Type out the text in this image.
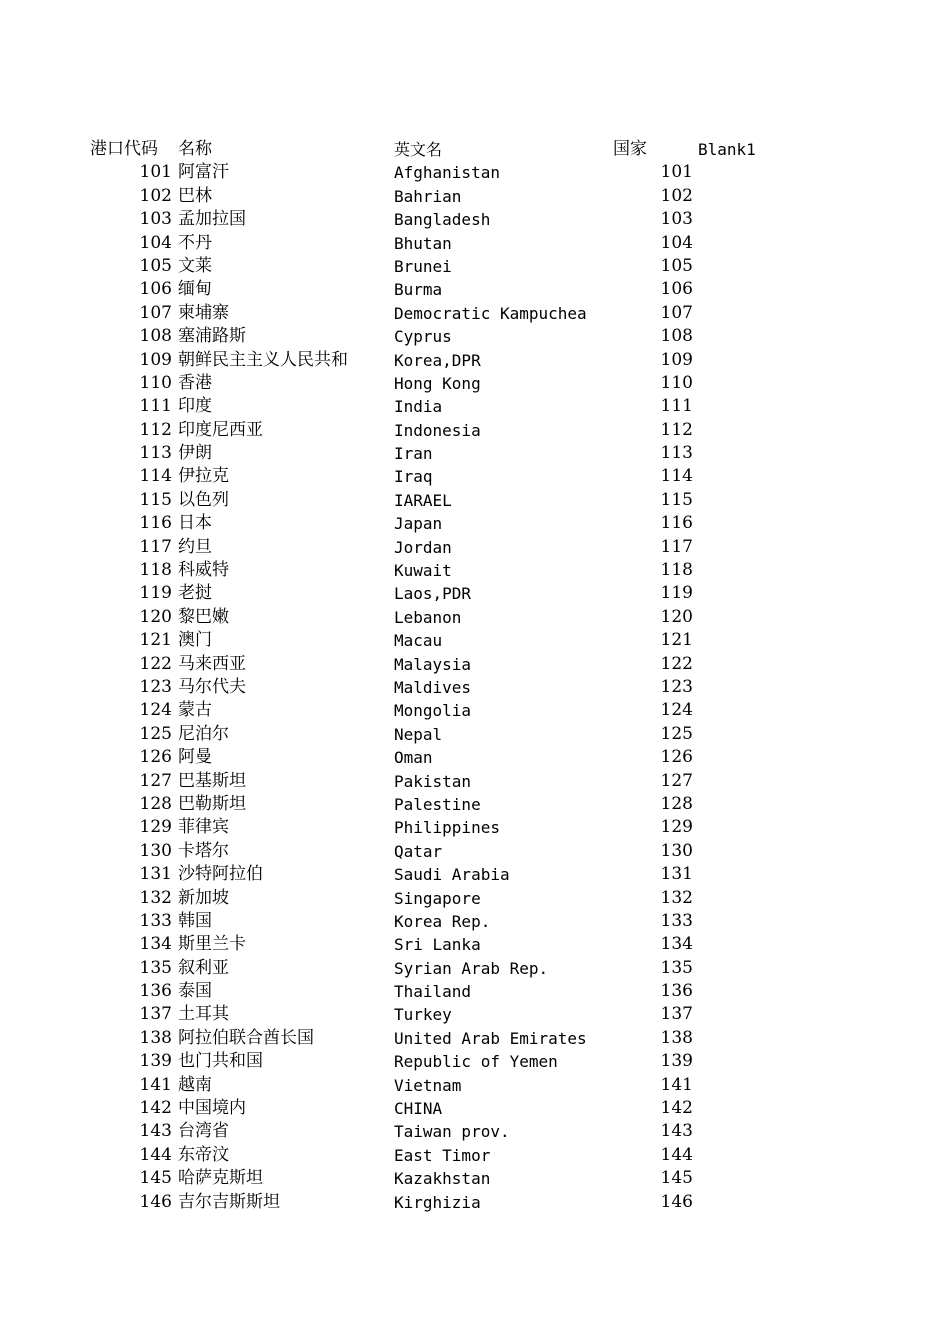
港口代码	名称	英文名	国家	Blank1
101 阿富汗	Afghanistan	101
102 巴林	Bahrian	102
103 孟加拉国	Bangladesh	103
104 不丹	Bhutan	104
105 文莱	Brunei	105
106 缅甸	Burma	106
107 柬埔寨	Democratic Kampuchea	107
108 塞浦路斯	Cyprus	108
109 朝鲜民主主义人民共和	Korea,DPR	109
110 香港	Hong Kong	110
111 印度	India	111
112 印度尼西亚	Indonesia	112
113 伊朗	Iran	113
114 伊拉克	Iraq	114
115 以色列	IARAEL	115
116 日本	Japan	116
117 约旦	Jordan	117
118 科威特	Kuwait	118
119 老挝	Laos,PDR	119
120 黎巴嫩	Lebanon	120
121 澳门	Macau	121
122 马来西亚	Malaysia	122
123 马尔代夫	Maldives	123
124 蒙古	Mongolia	124
125 尼泊尔	Nepal	125
126 阿曼	Oman	126
127 巴基斯坦	Pakistan	127
128 巴勒斯坦	Palestine	128
129 菲律宾	Philippines	129
130 卡塔尔	Qatar	130
131 沙特阿拉伯	Saudi Arabia	131
132 新加坡	Singapore	132
133 韩国	Korea Rep.	133
134 斯里兰卡	Sri Lanka	134
135 叙利亚	Syrian Arab Rep.	135
136 泰国	Thailand	136
137 土耳其	Turkey	137
138 阿拉伯联合酋长国	United Arab Emirates	138
139 也门共和国	Republic of Yemen	139
141 越南	Vietnam	141
142 中国境内	CHINA	142
143 台湾省	Taiwan prov.	143
144 东帝汶	East Timor	144
145 哈萨克斯坦	Kazakhstan	145
146 吉尔吉斯斯坦	Kirghizia	146
